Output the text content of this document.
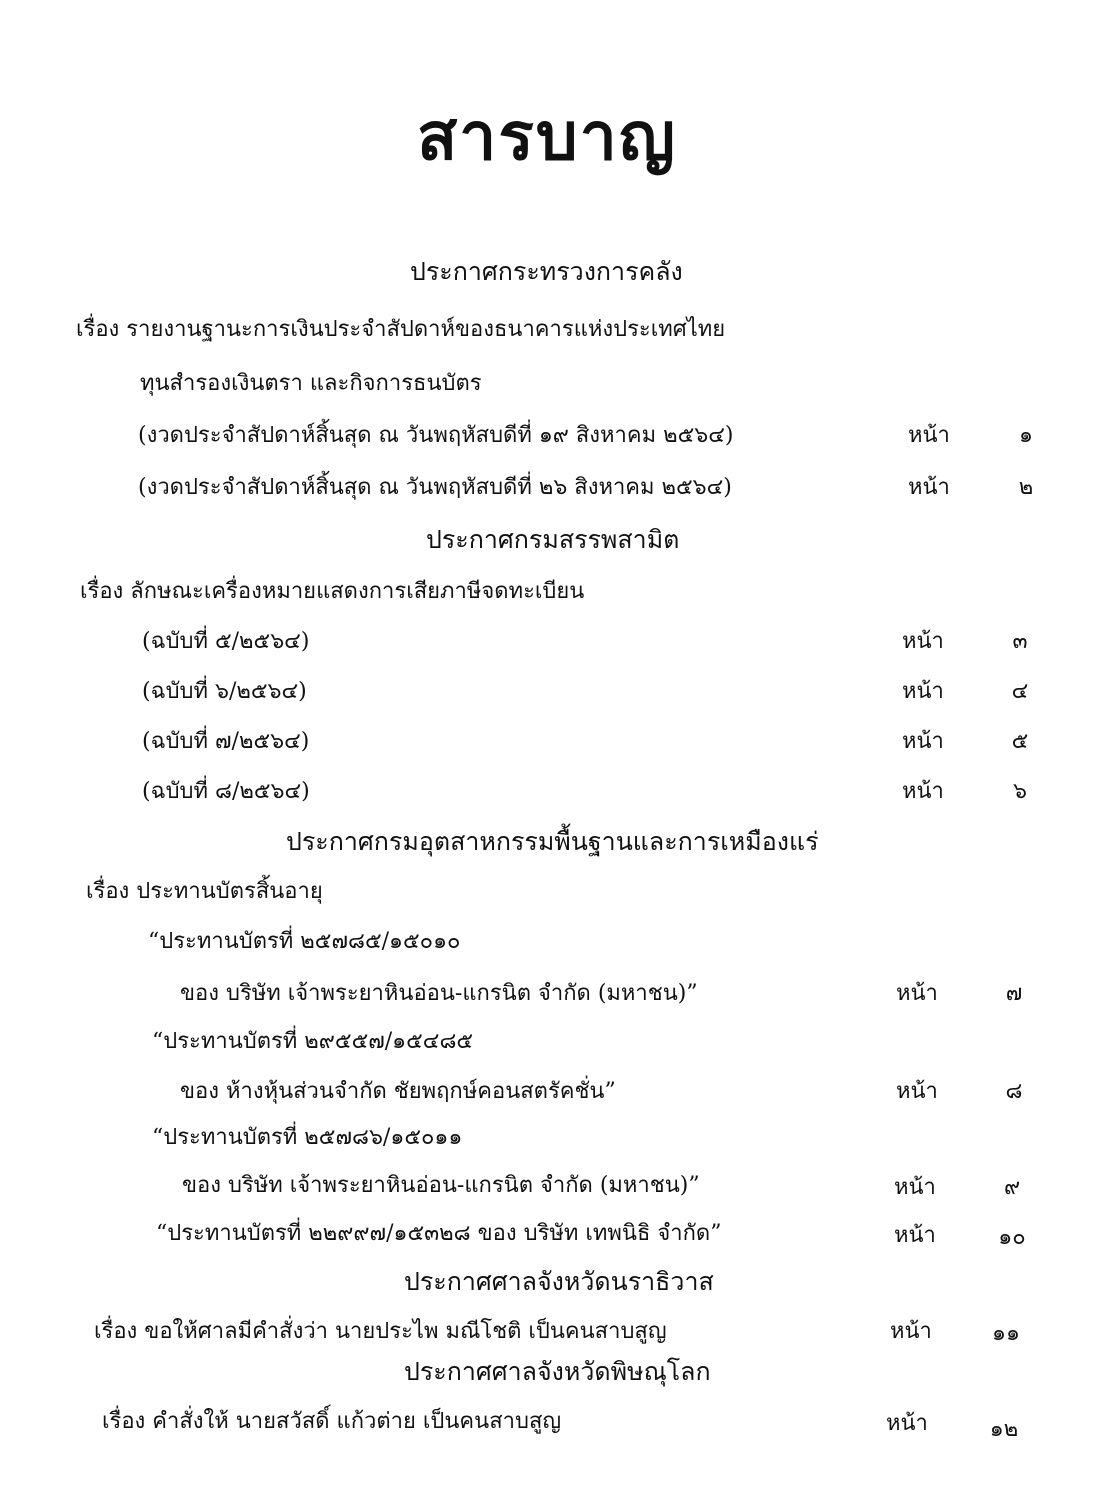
สารบาญ
ประกาศกระทรวงการคลัง
เรื่อง รายงานฐานะการเงินประจำสัปดาห์ของธนาคารแห่งประเทศไทย
ทุนสำรองเงินตรา และกิจการธนบัตร
(งวดประจำสัปดาห์สิ้นสุด ณ วันพฤหัสบดีที่ ๑๙ สิงหาคม ๒๕๖๔)	หน้า	๑
(งวดประจำสัปดาห์สิ้นสุด ณ วันพฤหัสบดีที่ ๒๖ สิงหาคม ๒๕๖๔)	หน้า	๒
ประกาศกรมสรรพสามิต
เรื่อง ลักษณะเครื่องหมายแสดงการเสียภาษีจดทะเบียน
(ฉบับที่ ๕/๒๕๖๔)	หน้า	๓
(ฉบับที่ ๖/๒๕๖๔)	หน้า	๔
(ฉบับที่ ๗/๒๕๖๔)	หน้า	๕
(ฉบับที่ ๘/๒๕๖๔)	หน้า	๖
ประกาศกรมอุตสาหกรรมพื้นฐานและการเหมืองแร่
เรื่อง ประทานบัตรสิ้นอายุ
“ประทานบัตรที่ ๒๕๗๘๕/๑๕๐๑๐
ของ บริษัท เจ้าพระยาหินอ่อน-แกรนิต จำกัด (มหาชน)”	หน้า	๗
“ประทานบัตรที่ ๒๙๕๕๗/๑๕๔๘๕
ของ ห้างหุ้นส่วนจำกัด ชัยพฤกษ์คอนสตรัคชั่น”	หน้า	๘
“ประทานบัตรที่ ๒๕๗๘๖/๑๕๐๑๑
ของ บริษัท เจ้าพระยาหินอ่อน-แกรนิต จำกัด (มหาชน)”	หน้า	๙
“ประทานบัตรที่ ๒๒๙๙๗/๑๕๓๒๘ ของ บริษัท เทพนิธิ จำกัด”	หน้า	๑๐
ประกาศศาลจังหวัดนราธิวาส
เรื่อง ขอให้ศาลมีคำสั่งว่า นายประไพ มณีโชติ เป็นคนสาบสูญ	หน้า	๑๑
ประกาศศาลจังหวัดพิษณุโลก
เรื่อง คำสั่งให้ นายสวัสดิ์ แก้วต่าย เป็นคนสาบสูญ	หน้า	๑๒
